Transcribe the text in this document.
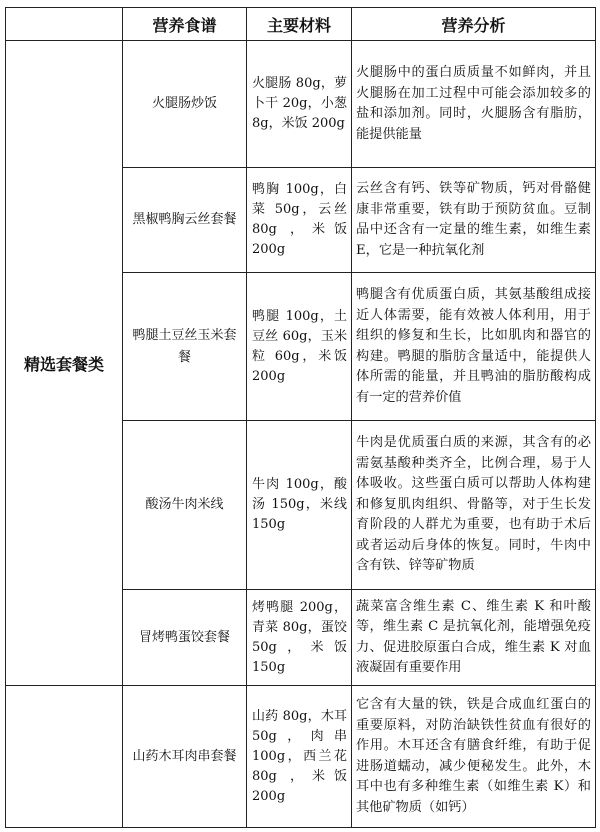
	营养食谱	主要材料	营养分析
精选套餐类	火腿肠炒饭	火腿肠 80g，萝卜干 20g，小葱 8g，米饭 200g	火腿肠中的蛋白质质量不如鲜肉，并且火腿肠在加工过程中可能会添加较多的盐和添加剂。同时，火腿肠含有脂肪，能提供能量
	黑椒鸭胸云丝套餐	鸭胸 100g，白菜 50g，云丝 80g ，米饭 200g	云丝含有钙、铁等矿物质，钙对骨骼健康非常重要，铁有助于预防贫血。豆制品中还含有一定量的维生素，如维生素 E，它是一种抗氧化剂
	鸭腿土豆丝玉米套餐	鸭腿 100g，土豆丝 60g，玉米粒 60g，米饭 200g	鸭腿含有优质蛋白质，其氨基酸组成接近人体需要，能有效被人体利用，用于组织的修复和生长，比如肌肉和器官的构建。鸭腿的脂肪含量适中，能提供人体所需的能量，并且鸭油的脂肪酸构成有一定的营养价值
	酸汤牛肉米线	牛肉 100g，酸汤 150g，米线 150g	牛肉是优质蛋白质的来源，其含有的必需氨基酸种类齐全，比例合理，易于人体吸收。这些蛋白质可以帮助人体构建和修复肌肉组织、骨骼等，对于生长发育阶段的人群尤为重要，也有助于术后或者运动后身体的恢复。同时，牛肉中含有铁、锌等矿物质
	冒烤鸭蛋饺套餐	烤鸭腿 200g，青菜 80g，蛋饺 50g，米饭 150g	蔬菜富含维生素 C、维生素 K 和叶酸等，维生素 C 是抗氧化剂，能增强免疫力、促进胶原蛋白合成，维生素 K 对血液凝固有重要作用
	山药木耳肉串套餐	山药 80g，木耳 50g，肉串 100g，西兰花 80g ，米饭 200g	它含有大量的铁，铁是合成血红蛋白的重要原料，对防治缺铁性贫血有很好的作用。木耳还含有膳食纤维，有助于促进肠道蠕动，减少便秘发生。此外，木耳中也有多种维生素（如维生素 K）和其他矿物质（如钙）
